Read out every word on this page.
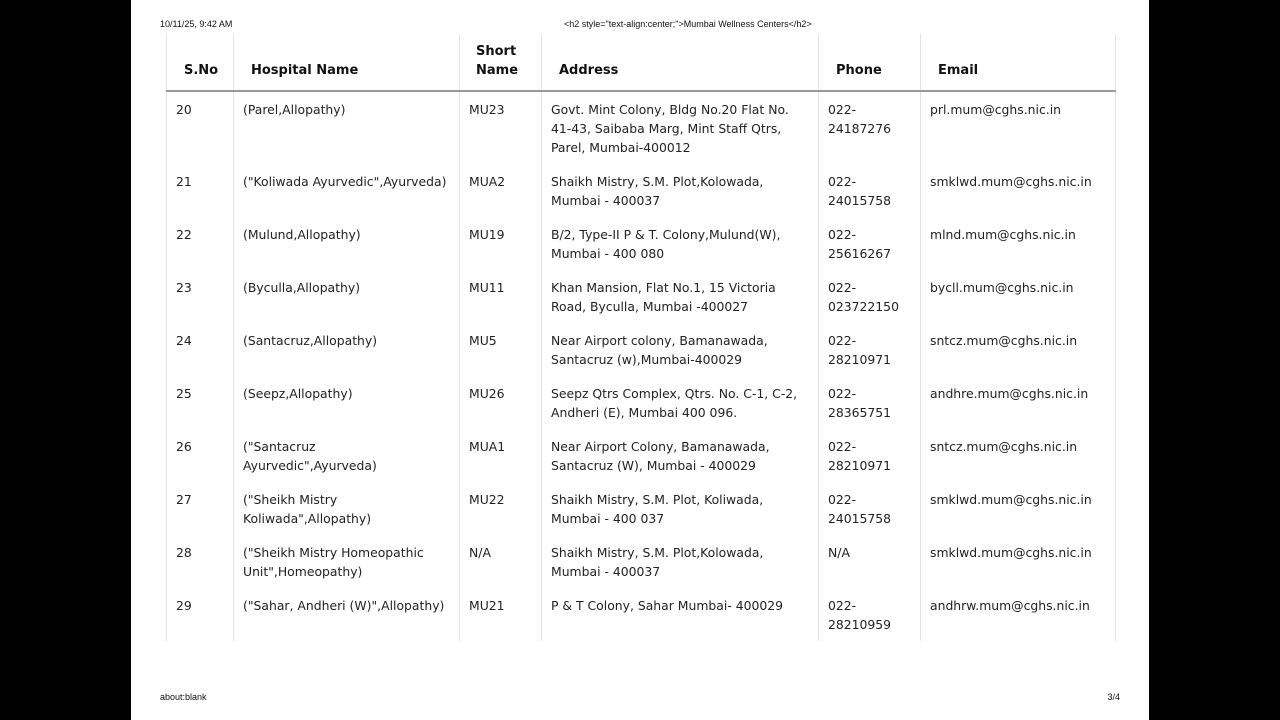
10/11/25, 9:42 AM	<h2 style="text-align:center;">Mumbai Wellness Centers</h2>
S.No	Hospital Name	Short Name	Address	Phone	Email
20	(Parel,Allopathy)	MU23	Govt. Mint Colony, Bldg No.20 Flat No. 41-43, Saibaba Marg, Mint Staff Qtrs, Parel, Mumbai-400012	022-24187276	prl.mum@cghs.nic.in
21	("Koliwada Ayurvedic",Ayurveda)	MUA2	Shaikh Mistry, S.M. Plot,Kolowada, Mumbai - 400037	022-24015758	smklwd.mum@cghs.nic.in
22	(Mulund,Allopathy)	MU19	B/2, Type-II P & T. Colony,Mulund(W), Mumbai - 400 080	022-25616267	mlnd.mum@cghs.nic.in
23	(Byculla,Allopathy)	MU11	Khan Mansion, Flat No.1, 15 Victoria Road, Byculla, Mumbai -400027	022-023722150	bycll.mum@cghs.nic.in
24	(Santacruz,Allopathy)	MU5	Near Airport colony, Bamanawada, Santacruz (w),Mumbai-400029	022-28210971	sntcz.mum@cghs.nic.in
25	(Seepz,Allopathy)	MU26	Seepz Qtrs Complex, Qtrs. No. C-1, C-2, Andheri (E), Mumbai 400 096.	022-28365751	andhre.mum@cghs.nic.in
26	("Santacruz Ayurvedic",Ayurveda)	MUA1	Near Airport Colony, Bamanawada, Santacruz (W), Mumbai - 400029	022-28210971	sntcz.mum@cghs.nic.in
27	("Sheikh Mistry Koliwada",Allopathy)	MU22	Shaikh Mistry, S.M. Plot, Koliwada, Mumbai - 400 037	022-24015758	smklwd.mum@cghs.nic.in
28	("Sheikh Mistry Homeopathic Unit",Homeopathy)	N/A	Shaikh Mistry, S.M. Plot,Kolowada, Mumbai - 400037	N/A	smklwd.mum@cghs.nic.in
29	("Sahar, Andheri (W)",Allopathy)	MU21	P & T Colony, Sahar Mumbai- 400029	022-28210959	andhrw.mum@cghs.nic.in
about:blank	3/4
